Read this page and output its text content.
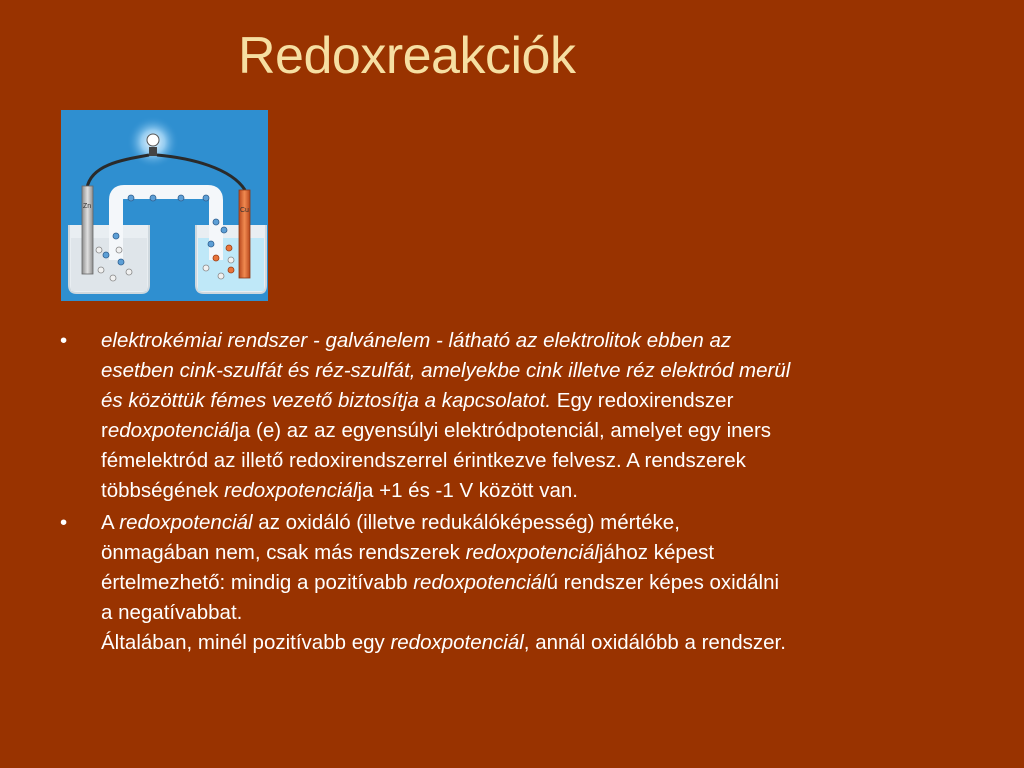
Redoxreakciók
Zn
Cu
• elektrokémiai rendszer - galvánelem - látható az elektrolitok ebben az
esetben cink-szulfát és réz-szulfát, amelyekbe cink illetve réz elektród merül
és közöttük fémes vezető biztosítja a kapcsolatot. Egy redoxirendszer
redoxpotenciálja (e) az az egyensúlyi elektródpotenciál, amelyet egy iners
fémelektród az illető redoxirendszerrel érintkezve felvesz. A rendszerek
többségének redoxpotenciálja +1 és -1 V között van.
• A redoxpotenciál az oxidáló (illetve redukálóképesség) mértéke,
önmagában nem, csak más rendszerek redoxpotenciáljához képest
értelmezhető: mindig a pozitívabb redoxpotenciálú rendszer képes oxidálni
a negatívabbat.
Általában, minél pozitívabb egy redoxpotenciál, annál oxidálóbb a rendszer.
